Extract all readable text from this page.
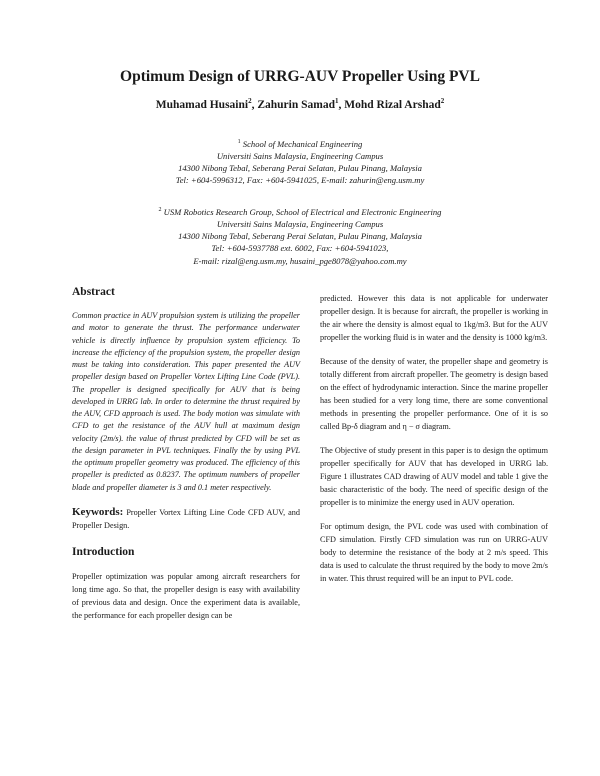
Optimum Design of URRG-AUV Propeller Using PVL
Muhamad Husaini$^2$, Zahurin Samad$^1$, Mohd Rizal Arshad$^2$
$^1$ School of Mechanical Engineering
Universiti Sains Malaysia, Engineering Campus
14300 Nibong Tebal, Seberang Perai Selatan, Pulau Pinang, Malaysia
Tel: +604-5996312, Fax: +604-5941025, E-mail: zahurin@eng.usm.my
$^2$ USM Robotics Research Group, School of Electrical and Electronic Engineering
Universiti Sains Malaysia, Engineering Campus
14300 Nibong Tebal, Seberang Perai Selatan, Pulau Pinang, Malaysia
Tel: +604-5937788 ext. 6002, Fax: +604-5941023,
E-mail: rizal@eng.usm.my, husaini_pge8078@yahoo.com.my
Abstract

Common practice in AUV propulsion system is utilizing the propeller and motor to generate the thrust. The performance underwater vehicle is directly influence by propulsion system efficiency. To increase the efficiency of the propulsion system, the propeller design must be taking into consideration. This paper presented the AUV propeller design based on Propeller Vortex Lifting Line Code (PVL). The propeller is designed specifically for AUV that is being developed in URRG lab. In order to determine the thrust required by the AUV, CFD approach is used. The body motion was simulate with CFD to get the resistance of the AUV hull at maximum design velocity (2m/s). the value of thrust predicted by CFD will be set as the design parameter in PVL techniques. Finally the by using PVL the optimum propeller geometry was produced. The efficiency of this propeller is predicted as 0.8237. The optimum numbers of propeller blade and propeller diameter is 3 and 0.1 meter respectively.

Keywords: Propeller Vortex Lifting Line Code CFD AUV, and Propeller Design.

Introduction

Propeller optimization was popular among aircraft researchers for long time ago. So that, the propeller design is easy with availability of previous data and design. Once the experiment data is available, the performance for each propeller design can be

predicted. However this data is not applicable for underwater propeller design. It is because for aircraft, the propeller is working in the air where the density is almost equal to 1kg/m3. But for the AUV propeller the working fluid is in water and the density is 1000 kg/m3.

Because of the density of water, the propeller shape and geometry is totally different from aircraft propeller. The geometry is design based on the effect of hydrodynamic interaction. Since the marine propeller has been studied for a very long time, there are some conventional methods in presenting the propeller performance. One of it is so called Bp-δ diagram and η − σ diagram.

The Objective of study present in this paper is to design the optimum propeller specifically for AUV that has developed in URRG lab. Figure 1 illustrates CAD drawing of AUV model and table 1 give the basic characteristic of the body. The need of specific design of the propeller is to minimize the energy used in AUV operation.

For optimum design, the PVL code was used with combination of CFD simulation. Firstly CFD simulation was run on URRG-AUV body to determine the resistance of the body at 2 m/s speed. This data is used to calculate the thrust required by the body to move 2m/s in water. This thrust required will be an input to PVL code.
